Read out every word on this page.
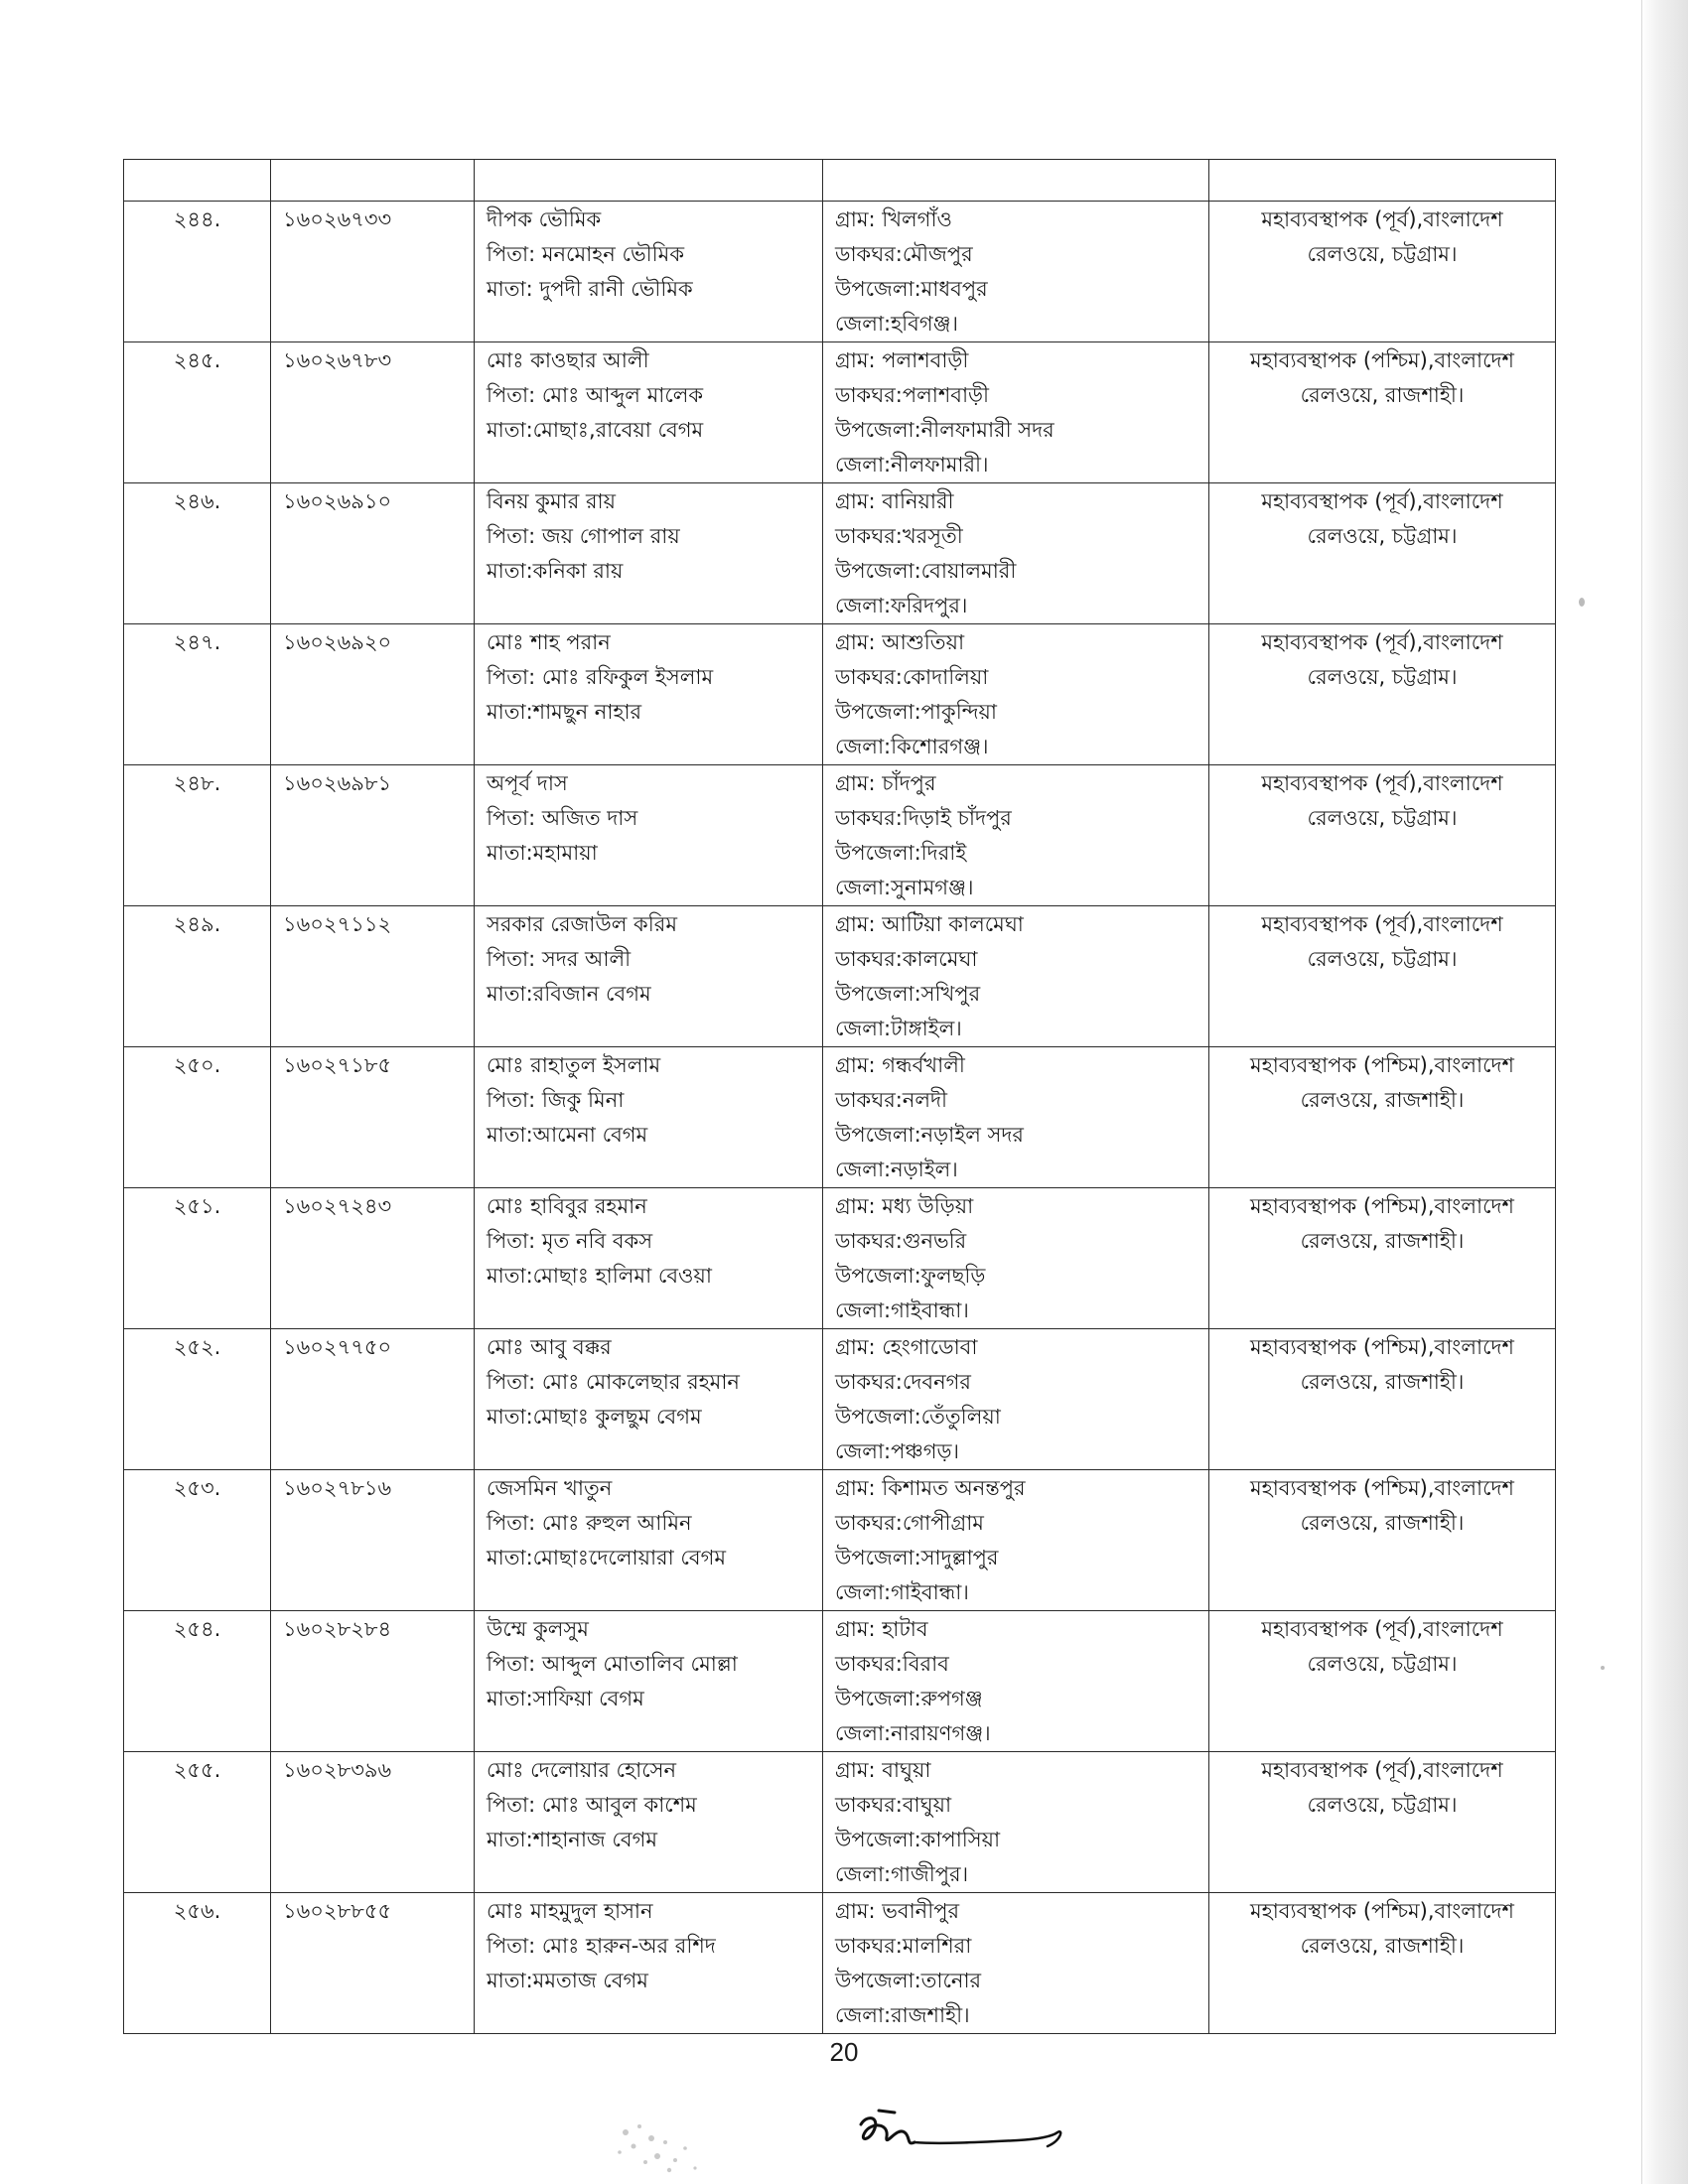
২৪৪.	১৬০২৬৭৩৩	দীপক ভৌমিক
পিতা: মনমোহন ভৌমিক
মাতা: দুপদী রানী ভৌমিক	গ্রাম: খিলগাঁও
ডাকঘর:মৌজপুর
উপজেলা:মাধবপুর
জেলা:হবিগঞ্জ।	মহাব্যবস্থাপক (পূর্ব),বাংলাদেশ
রেলওয়ে, চট্টগ্রাম।

২৪৫.	১৬০২৬৭৮৩	মোঃ কাওছার আলী
পিতা: মোঃ আব্দুল মালেক
মাতা:মোছাঃ,রাবেয়া বেগম	গ্রাম: পলাশবাড়ী
ডাকঘর:পলাশবাড়ী
উপজেলা:নীলফামারী সদর
জেলা:নীলফামারী।	মহাব্যবস্থাপক (পশ্চিম),বাংলাদেশ
রেলওয়ে, রাজশাহী।

২৪৬.	১৬০২৬৯১০	বিনয় কুমার রায়
পিতা: জয় গোপাল রায়
মাতা:কনিকা রায়	গ্রাম: বানিয়ারী
ডাকঘর:খরসূতী
উপজেলা:বোয়ালমারী
জেলা:ফরিদপুর।	মহাব্যবস্থাপক (পূর্ব),বাংলাদেশ
রেলওয়ে, চট্টগ্রাম।

২৪৭.	১৬০২৬৯২০	মোঃ শাহ পরান
পিতা: মোঃ রফিকুল ইসলাম
মাতা:শামছুন নাহার	গ্রাম: আশুতিয়া
ডাকঘর:কোদালিয়া
উপজেলা:পাকুন্দিয়া
জেলা:কিশোরগঞ্জ।	মহাব্যবস্থাপক (পূর্ব),বাংলাদেশ
রেলওয়ে, চট্টগ্রাম।

২৪৮.	১৬০২৬৯৮১	অপূর্ব দাস
পিতা: অজিত দাস
মাতা:মহামায়া	গ্রাম: চাঁদপুর
ডাকঘর:দিড়াই চাঁদপুর
উপজেলা:দিরাই
জেলা:সুনামগঞ্জ।	মহাব্যবস্থাপক (পূর্ব),বাংলাদেশ
রেলওয়ে, চট্টগ্রাম।

২৪৯.	১৬০২৭১১২	সরকার রেজাউল করিম
পিতা: সদর আলী
মাতা:রবিজান বেগম	গ্রাম: আটিয়া কালমেঘা
ডাকঘর:কালমেঘা
উপজেলা:সখিপুর
জেলা:টাঙ্গাইল।	মহাব্যবস্থাপক (পূর্ব),বাংলাদেশ
রেলওয়ে, চট্টগ্রাম।

২৫০.	১৬০২৭১৮৫	মোঃ রাহাতুল ইসলাম
পিতা: জিকু মিনা
মাতা:আমেনা বেগম	গ্রাম: গন্ধর্বখালী
ডাকঘর:নলদী
উপজেলা:নড়াইল সদর
জেলা:নড়াইল।	মহাব্যবস্থাপক (পশ্চিম),বাংলাদেশ
রেলওয়ে, রাজশাহী।

২৫১.	১৬০২৭২৪৩	মোঃ হাবিবুর রহমান
পিতা: মৃত নবি বকস
মাতা:মোছাঃ হালিমা বেওয়া	গ্রাম: মধ্য উড়িয়া
ডাকঘর:গুনভরি
উপজেলা:ফুলছড়ি
জেলা:গাইবান্ধা।	মহাব্যবস্থাপক (পশ্চিম),বাংলাদেশ
রেলওয়ে, রাজশাহী।

২৫২.	১৬০২৭৭৫০	মোঃ আবু বক্কর
পিতা: মোঃ মোকলেছার রহমান
মাতা:মোছাঃ কুলছুম বেগম	গ্রাম: হেংগাডোবা
ডাকঘর:দেবনগর
উপজেলা:তেঁতুলিয়া
জেলা:পঞ্চগড়।	মহাব্যবস্থাপক (পশ্চিম),বাংলাদেশ
রেলওয়ে, রাজশাহী।

২৫৩.	১৬০২৭৮১৬	জেসমিন খাতুন
পিতা: মোঃ রুহুল আমিন
মাতা:মোছাঃদেলোয়ারা বেগম	গ্রাম: কিশামত অনন্তপুর
ডাকঘর:গোপীগ্রাম
উপজেলা:সাদুল্লাপুর
জেলা:গাইবান্ধা।	মহাব্যবস্থাপক (পশ্চিম),বাংলাদেশ
রেলওয়ে, রাজশাহী।

২৫৪.	১৬০২৮২৮৪	উম্মে কুলসুম
পিতা: আব্দুল মোতালিব মোল্লা
মাতা:সাফিয়া বেগম	গ্রাম: হাটাব
ডাকঘর:বিরাব
উপজেলা:রুপগঞ্জ
জেলা:নারায়ণগঞ্জ।	মহাব্যবস্থাপক (পূর্ব),বাংলাদেশ
রেলওয়ে, চট্টগ্রাম।

২৫৫.	১৬০২৮৩৯৬	মোঃ দেলোয়ার হোসেন
পিতা: মোঃ আবুল কাশেম
মাতা:শাহানাজ বেগম	গ্রাম: বাঘুয়া
ডাকঘর:বাঘুয়া
উপজেলা:কাপাসিয়া
জেলা:গাজীপুর।	মহাব্যবস্থাপক (পূর্ব),বাংলাদেশ
রেলওয়ে, চট্টগ্রাম।

২৫৬.	১৬০২৮৮৫৫	মোঃ মাহমুদুল হাসান
পিতা: মোঃ হারুন-অর রশিদ
মাতা:মমতাজ বেগম	গ্রাম: ভবানীপুর
ডাকঘর:মালশিরা
উপজেলা:তানোর
জেলা:রাজশাহী।	মহাব্যবস্থাপক (পশ্চিম),বাংলাদেশ
রেলওয়ে, রাজশাহী।
20
